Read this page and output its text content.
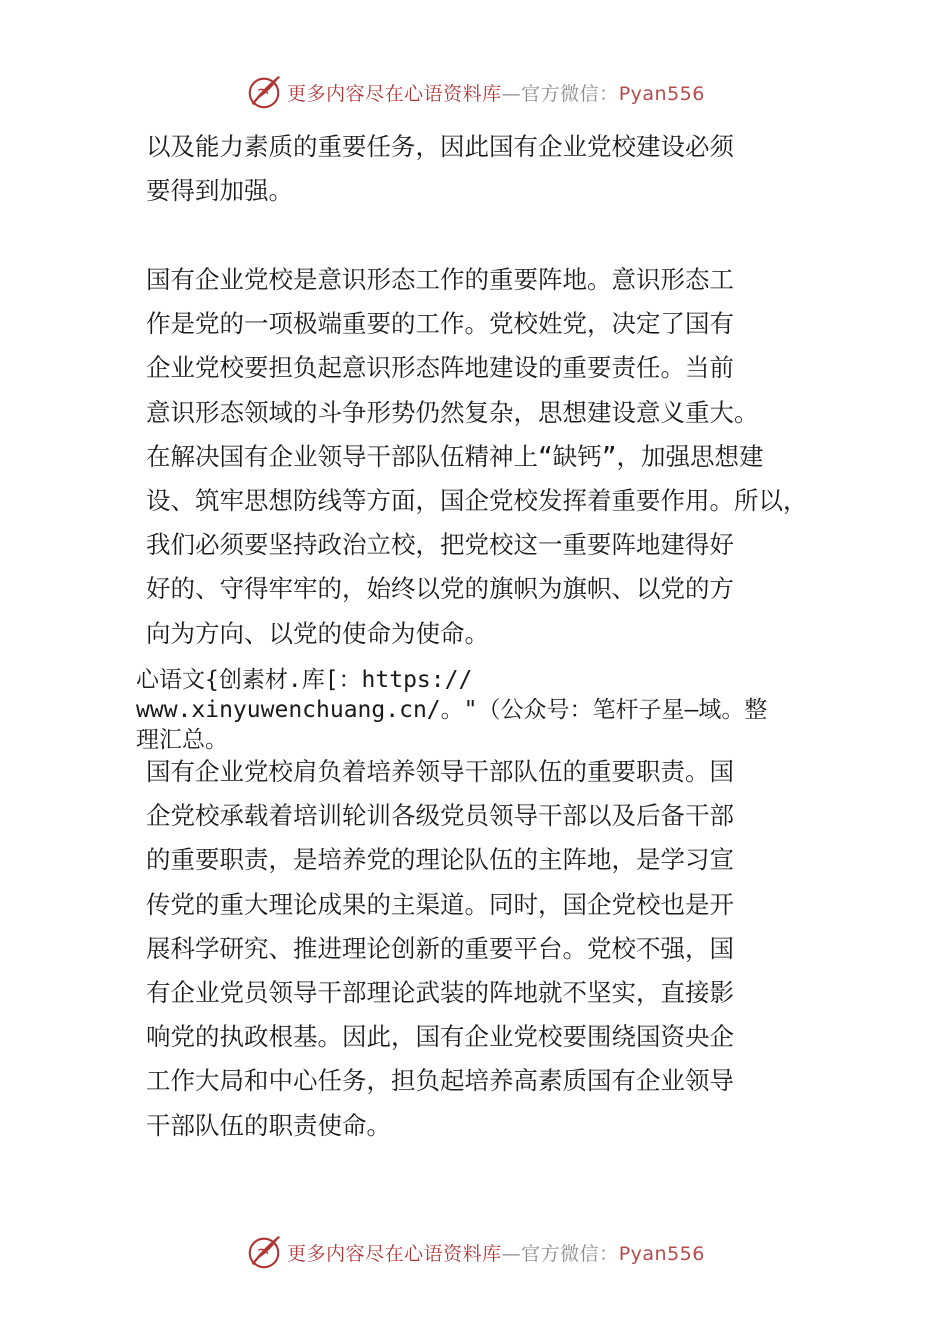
更多内容尽在心语资料库—官方微信：Pyan556
以及能力素质的重要任务，因此国有企业党校建设必须
要得到加强。
国有企业党校是意识形态工作的重要阵地。意识形态工
作是党的一项极端重要的工作。党校姓党，决定了国有
企业党校要担负起意识形态阵地建设的重要责任。当前
意识形态领域的斗争形势仍然复杂，思想建设意义重大。
在解决国有企业领导干部队伍精神上“缺钙”，加强思想建
设、筑牢思想防线等方面，国企党校发挥着重要作用。所以，
我们必须要坚持政治立校，把党校这一重要阵地建得好
好的、守得牢牢的，始终以党的旗帜为旗帜、以党的方
向为方向、以党的使命为使命。
心语文{创素材.库[：https://
www.xinyuwenchuang.cn/。"（公众号：笔杆子星—域。整
理汇总。
国有企业党校肩负着培养领导干部队伍的重要职责。国
企党校承载着培训轮训各级党员领导干部以及后备干部
的重要职责，是培养党的理论队伍的主阵地，是学习宣
传党的重大理论成果的主渠道。同时，国企党校也是开
展科学研究、推进理论创新的重要平台。党校不强，国
有企业党员领导干部理论武装的阵地就不坚实，直接影
响党的执政根基。因此，国有企业党校要围绕国资央企
工作大局和中心任务，担负起培养高素质国有企业领导
干部队伍的职责使命。
更多内容尽在心语资料库—官方微信：Pyan556
